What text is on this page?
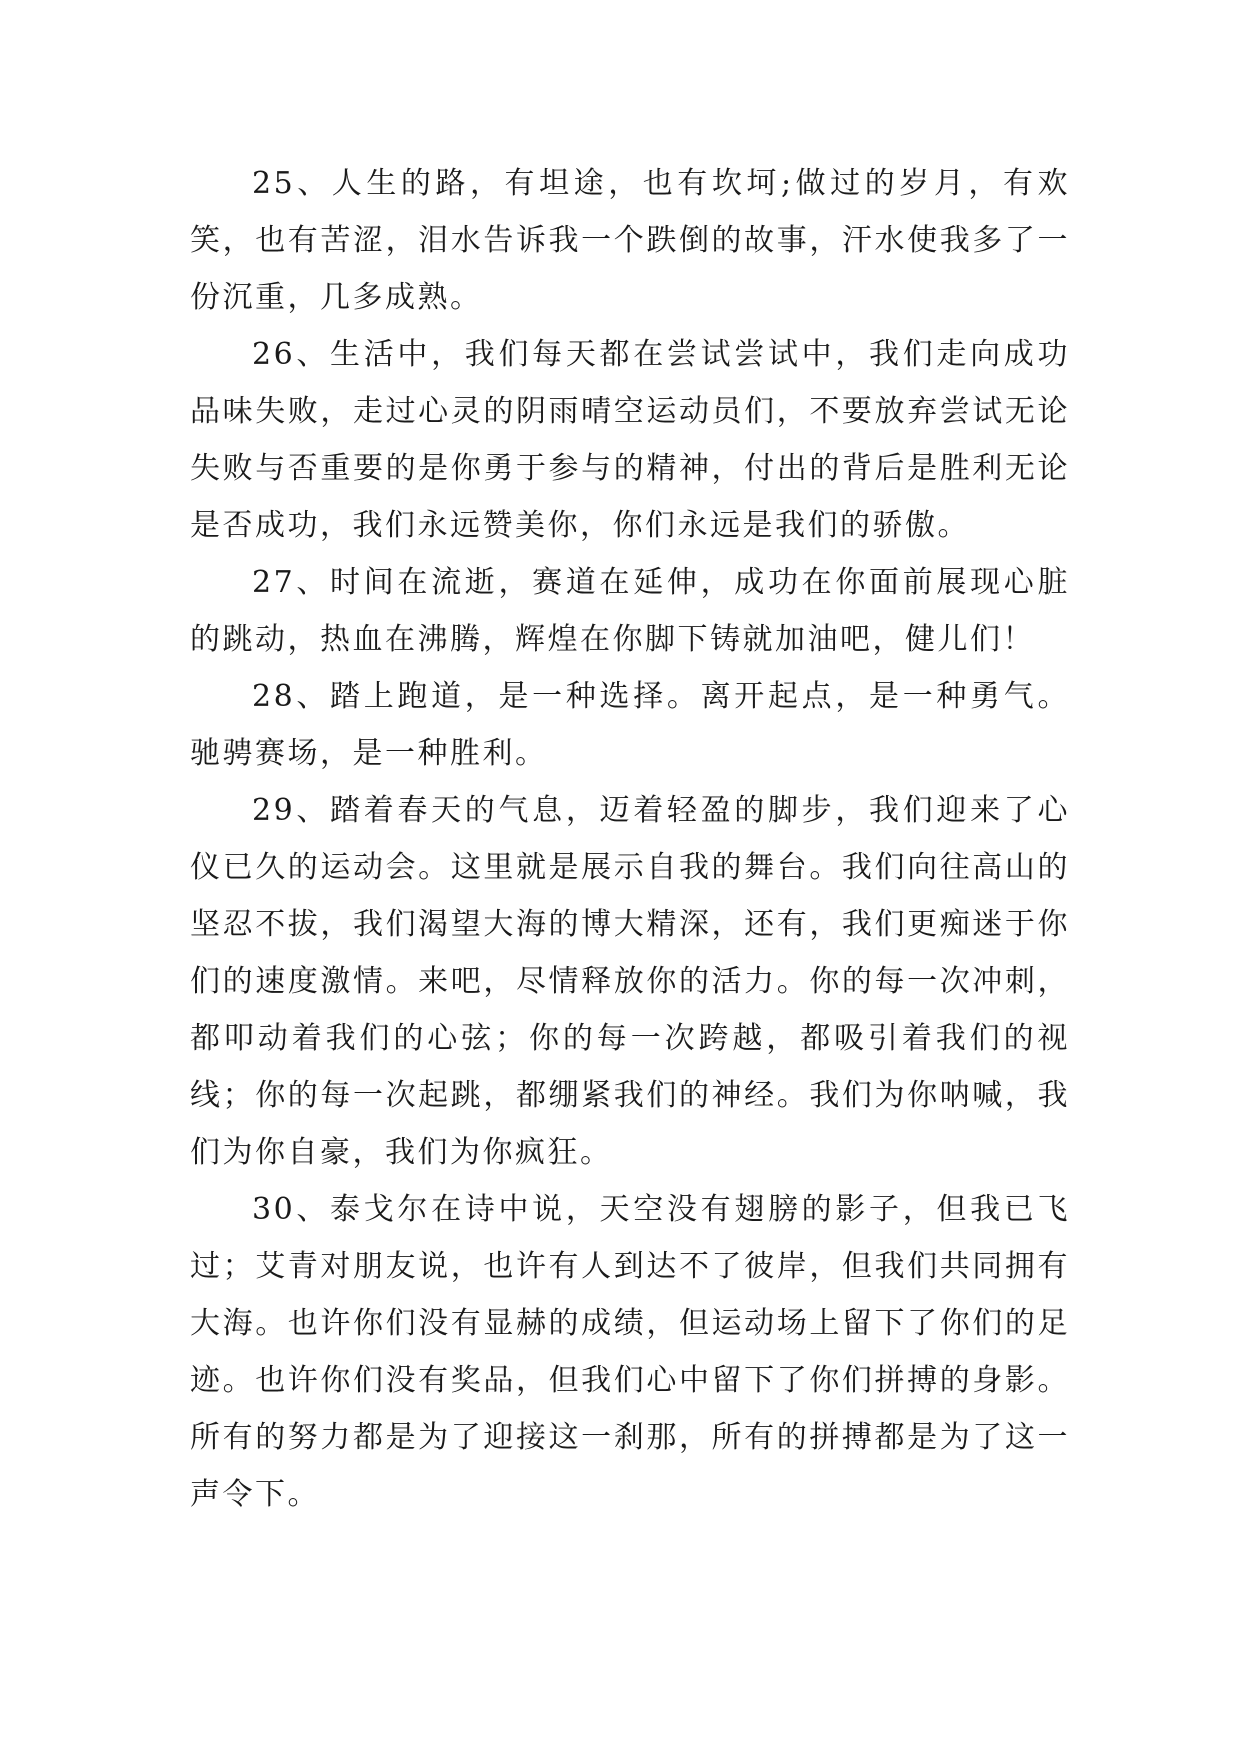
25、人生的路，有坦途，也有坎坷;做过的岁月，有欢笑，也有苦涩，泪水告诉我一个跌倒的故事，汗水使我多了一份沉重，几多成熟。

26、生活中，我们每天都在尝试尝试中，我们走向成功品味失败，走过心灵的阴雨晴空运动员们，不要放弃尝试无论失败与否重要的是你勇于参与的精神，付出的背后是胜利无论是否成功，我们永远赞美你，你们永远是我们的骄傲。

27、时间在流逝，赛道在延伸，成功在你面前展现心脏的跳动，热血在沸腾，辉煌在你脚下铸就加油吧，健儿们！

28、踏上跑道，是一种选择。离开起点，是一种勇气。驰骋赛场，是一种胜利。

29、踏着春天的气息，迈着轻盈的脚步，我们迎来了心仪已久的运动会。这里就是展示自我的舞台。我们向往高山的坚忍不拔，我们渴望大海的博大精深，还有，我们更痴迷于你们的速度激情。来吧，尽情释放你的活力。你的每一次冲刺，都叩动着我们的心弦；你的每一次跨越，都吸引着我们的视线；你的每一次起跳，都绷紧我们的神经。我们为你呐喊，我们为你自豪，我们为你疯狂。

30、泰戈尔在诗中说，天空没有翅膀的影子，但我已飞过；艾青对朋友说，也许有人到达不了彼岸，但我们共同拥有大海。也许你们没有显赫的成绩，但运动场上留下了你们的足迹。也许你们没有奖品，但我们心中留下了你们拼搏的身影。所有的努力都是为了迎接这一刹那，所有的拼搏都是为了这一声令下。
